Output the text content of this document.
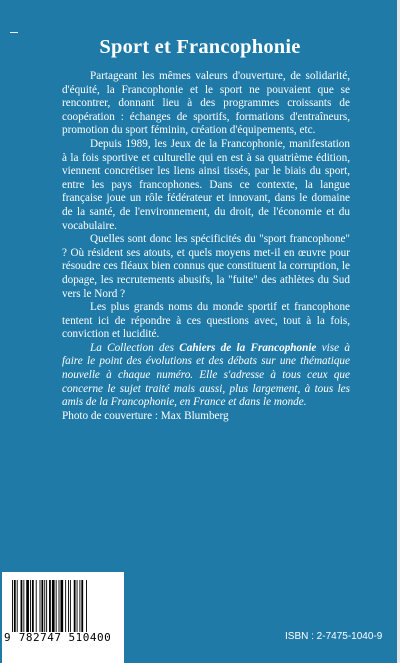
Sport et Francophonie

Partageant les mêmes valeurs d'ouverture, de solidarité, d'équité, la Francophonie et le sport ne pouvaient que se rencontrer, donnant lieu à des programmes croissants de coopération : échanges de sportifs, formations d'entraîneurs, promotion du sport féminin, création d'équipements, etc.

Depuis 1989, les Jeux de la Francophonie, manifestation à la fois sportive et culturelle qui en est à sa quatrième édition, viennent concrétiser les liens ainsi tissés, par le biais du sport, entre les pays francophones. Dans ce contexte, la langue française joue un rôle fédérateur et innovant, dans le domaine de la santé, de l'environnement, du droit, de l'économie et du vocabulaire.

Quelles sont donc les spécificités du "sport francophone" ? Où résident ses atouts, et quels moyens met-il en œuvre pour résoudre ces fléaux bien connus que constituent la corruption, le dopage, les recrutements abusifs, la "fuite" des athlètes du Sud vers le Nord ?

Les plus grands noms du monde sportif et francophone tentent ici de répondre à ces questions avec, tout à la fois, conviction et lucidité.

La Collection des Cahiers de la Francophonie vise à faire le point des évolutions et des débats sur une thématique nouvelle à chaque numéro. Elle s'adresse à tous ceux que concerne le sujet traité mais aussi, plus largement, à tous les amis de la Francophonie, en France et dans le monde.

Photo de couverture : Max Blumberg

9 782747 510400	ISBN : 2-7475-1040-9
